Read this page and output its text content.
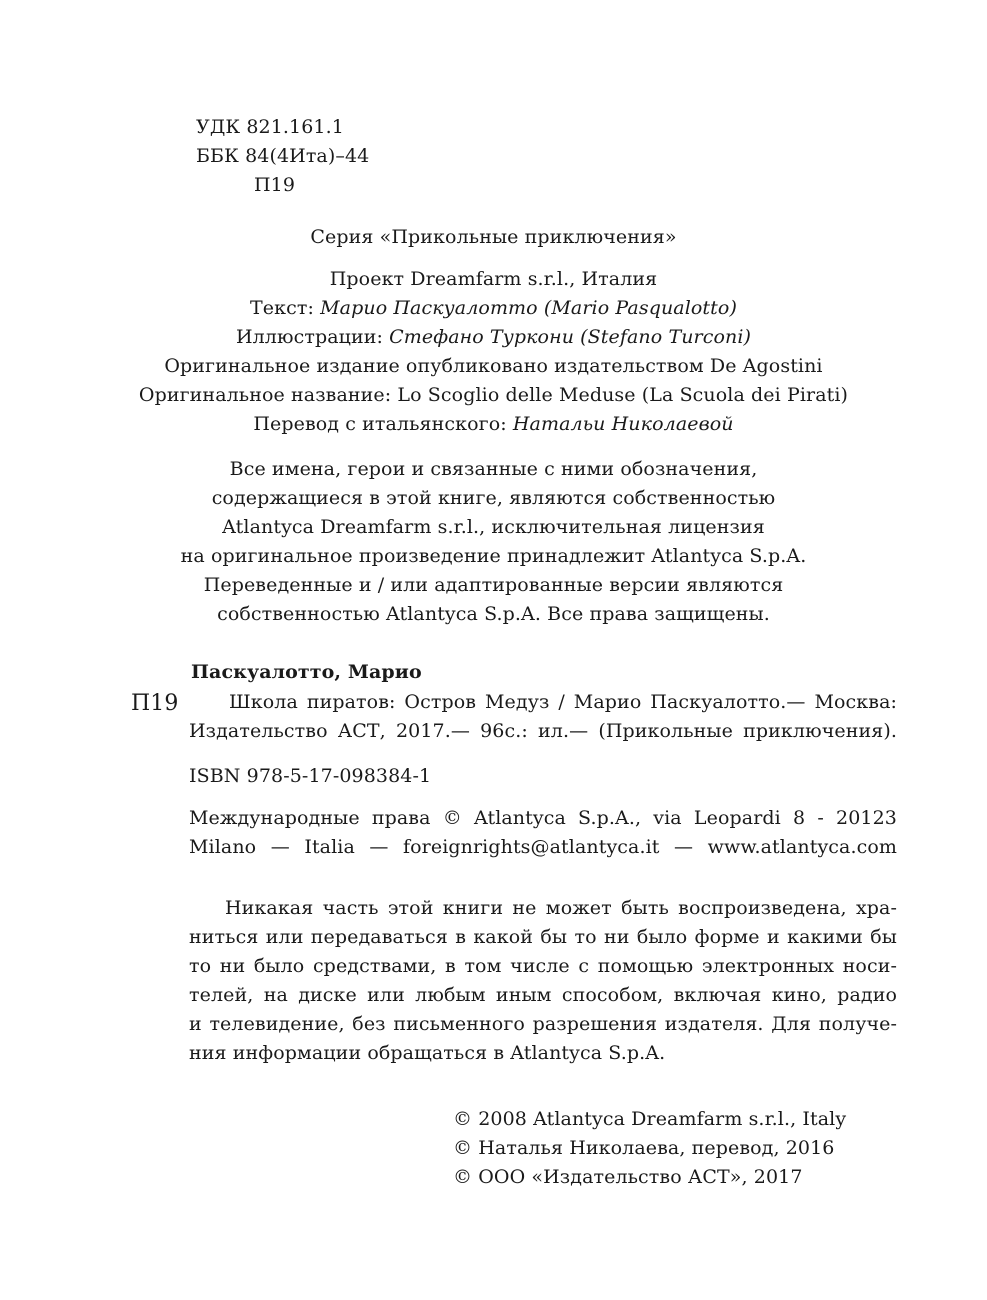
УДК 821.161.1
ББК 84(4Ита)–44
П19
Серия «Прикольные приключения»
Проект Dreamfarm s.r.l., Италия
Текст: Марио Паскуалотто (Mario Pasqualotto)
Иллюстрации: Стефано Туркони (Stefano Turconi)
Оригинальное издание опубликовано издательством De Agostini
Оригинальное название: Lo Scoglio delle Meduse (La Scuola dei Pirati)
Перевод с итальянского: Натальи Николаевой
Все имена, герои и связанные с ними обозначения,
содержащиеся в этой книге, являются собственностью
Atlantyca Dreamfarm s.r.l., исключительная лицензия
на оригинальное произведение принадлежит Atlantyca S.p.A.
Переведенные и / или адаптированные версии являются
собственностью Atlantyca S.p.A. Все права защищены.
Паскуалотто, Марио
П19	Школа пиратов: Остров Медуз / Марио Паскуалотто.— Москва:
Издательство АСТ, 2017.— 96с.: ил.— (Прикольные приключения).
ISBN 978-5-17-098384-1
Международные права © Atlantyca S.p.A., via Leopardi 8 - 20123
Milano — Italia — foreignrights@atlantyca.it — www.atlantyca.com
Никакая часть этой книги не может быть воспроизведена, хра-
ниться или передаваться в какой бы то ни было форме и какими бы
то ни было средствами, в том числе с помощью электронных носи-
телей, на диске или любым иным способом, включая кино, радио
и телевидение, без письменного разрешения издателя. Для получе-
ния информации обращаться в Atlantyca S.p.A.
© 2008 Atlantyca Dreamfarm s.r.l., Italy
© Наталья Николаева, перевод, 2016
© ООО «Издательство АСТ», 2017
